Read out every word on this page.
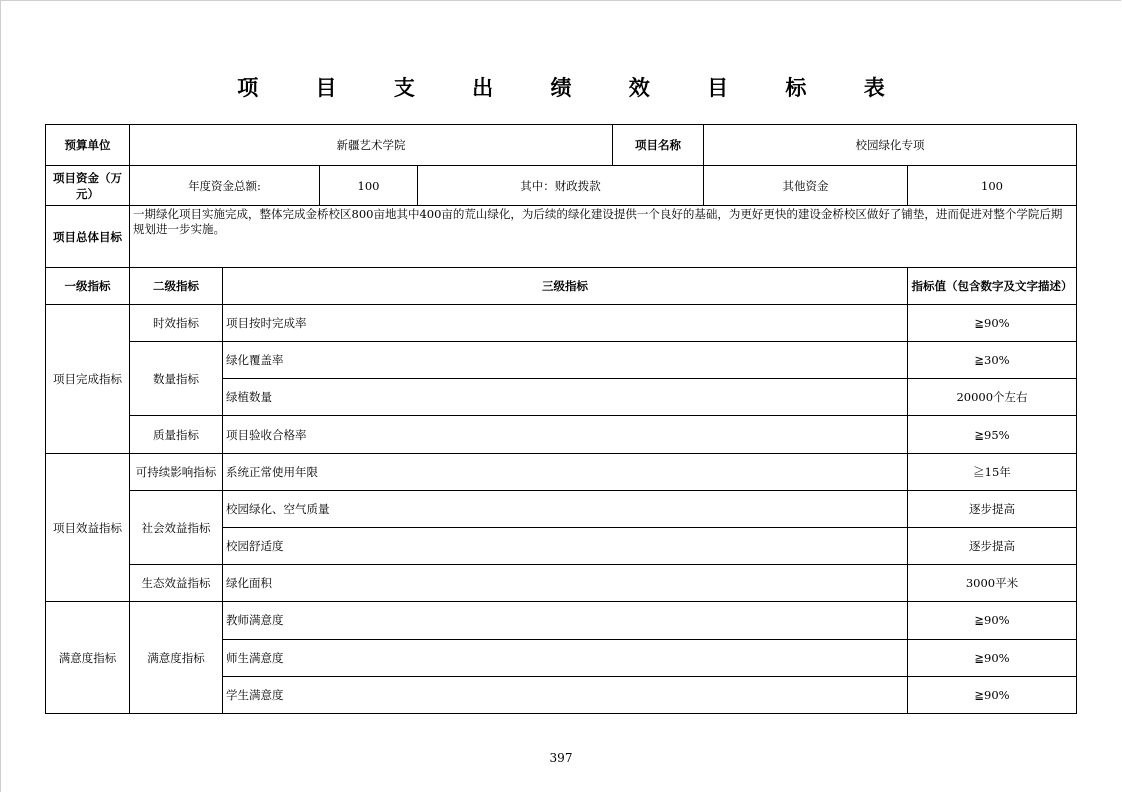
项 目 支 出 绩 效 目 标 表
预算单位	新疆艺术学院				项目名称	校园绿化专项	
项目资金（万元）	年度资金总额:		100	其中：财政拨款		其他资金	100
项目总体目标	一期绿化项目实施完成，整体完成金桥校区800亩地其中400亩的荒山绿化，为后续的绿化建设提供一个良好的基础，为更好更快的建设金桥校区做好了铺垫，进而促进对整个学院后期规划进一步实施。						
一级指标	二级指标	三级指标					指标值（包含数字及文字描述）
项目完成指标	时效指标	项目按时完成率					≧90%
	数量指标	绿化覆盖率					≧30%
		绿植数量					20000个左右
	质量指标	项目验收合格率					≧95%
项目效益指标	可持续影响指标	系统正常使用年限					≧15年
	社会效益指标	校园绿化、空气质量					逐步提高
		校园舒适度					逐步提高
	生态效益指标	绿化面积					3000平米
满意度指标	满意度指标	教师满意度					≧90%
		师生满意度					≧90%
		学生满意度					≧90%
397
